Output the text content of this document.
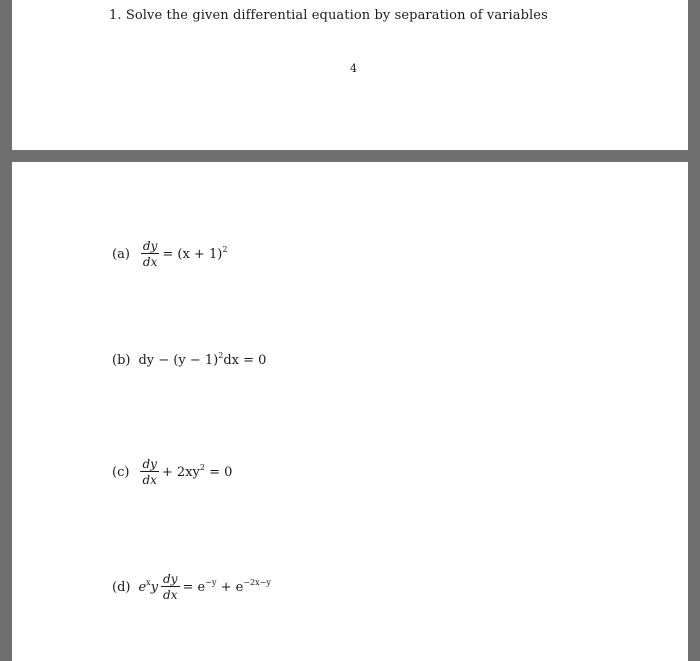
1. Solve the given differential equation by separation of variables
4
$(a) \frac{dy}{dx} = (x + 1)^2$
(b) dy − $(y - 1)^2dx = 0$
$(c) \frac{dy}{dx} + 2xy^2 = 0$
(d) $e^xy \frac{dy}{dx} = e^{-y} + e^{-2x-y}$
